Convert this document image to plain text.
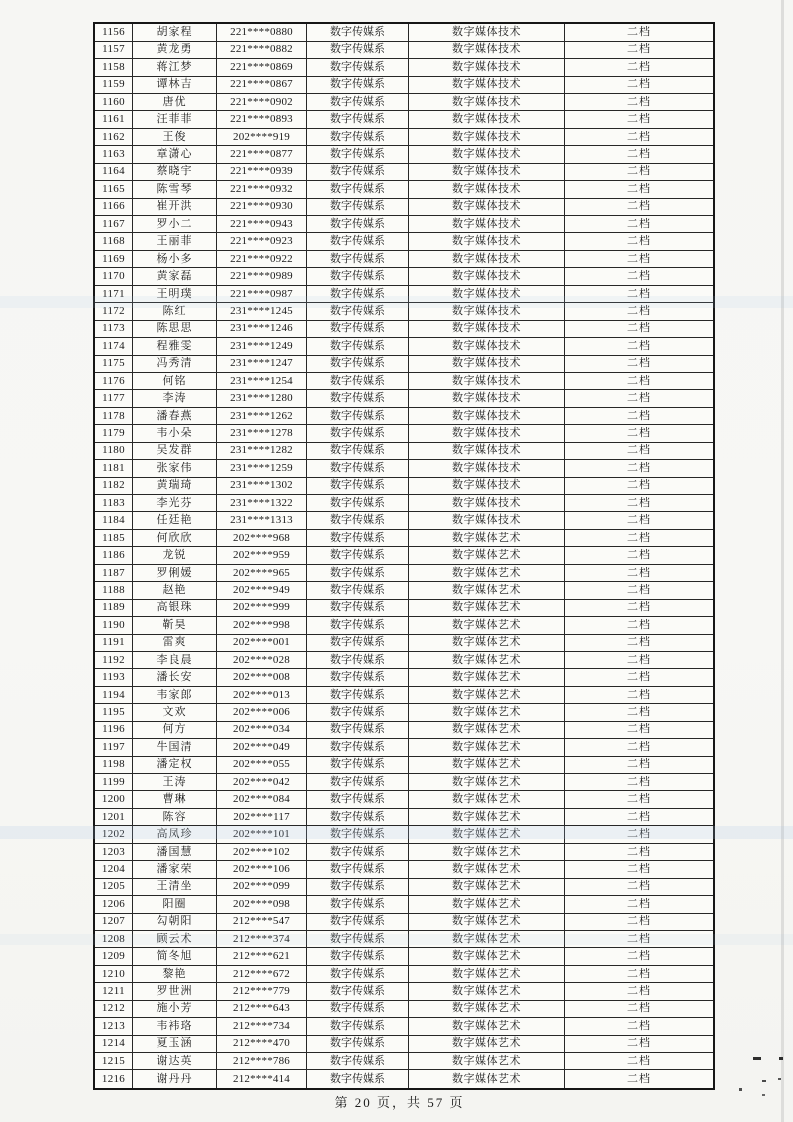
1156	胡家程	221****0880	数字传媒系	数字媒体技术	二档
1157	黄龙勇	221****0882	数字传媒系	数字媒体技术	二档
1158	蒋江梦	221****0869	数字传媒系	数字媒体技术	二档
1159	谭林吉	221****0867	数字传媒系	数字媒体技术	二档
1160	唐优	221****0902	数字传媒系	数字媒体技术	二档
1161	汪菲菲	221****0893	数字传媒系	数字媒体技术	二档
1162	王俊	202****919	数字传媒系	数字媒体技术	二档
1163	章潇心	221****0877	数字传媒系	数字媒体技术	二档
1164	蔡晓宇	221****0939	数字传媒系	数字媒体技术	二档
1165	陈雪琴	221****0932	数字传媒系	数字媒体技术	二档
1166	崔开洪	221****0930	数字传媒系	数字媒体技术	二档
1167	罗小二	221****0943	数字传媒系	数字媒体技术	二档
1168	王丽菲	221****0923	数字传媒系	数字媒体技术	二档
1169	杨小多	221****0922	数字传媒系	数字媒体技术	二档
1170	黄家磊	221****0989	数字传媒系	数字媒体技术	二档
1171	王明璞	221****0987	数字传媒系	数字媒体技术	二档
1172	陈红	231****1245	数字传媒系	数字媒体技术	二档
1173	陈思思	231****1246	数字传媒系	数字媒体技术	二档
1174	程雅雯	231****1249	数字传媒系	数字媒体技术	二档
1175	冯秀清	231****1247	数字传媒系	数字媒体技术	二档
1176	何铭	231****1254	数字传媒系	数字媒体技术	二档
1177	李涛	231****1280	数字传媒系	数字媒体技术	二档
1178	潘春燕	231****1262	数字传媒系	数字媒体技术	二档
1179	韦小朵	231****1278	数字传媒系	数字媒体技术	二档
1180	吴发群	231****1282	数字传媒系	数字媒体技术	二档
1181	张家伟	231****1259	数字传媒系	数字媒体技术	二档
1182	黄瑞琦	231****1302	数字传媒系	数字媒体技术	二档
1183	李光芬	231****1322	数字传媒系	数字媒体技术	二档
1184	任廷艳	231****1313	数字传媒系	数字媒体技术	二档
1185	何欣欣	202****968	数字传媒系	数字媒体艺术	二档
1186	龙锐	202****959	数字传媒系	数字媒体艺术	二档
1187	罗俐媛	202****965	数字传媒系	数字媒体艺术	二档
1188	赵艳	202****949	数字传媒系	数字媒体艺术	二档
1189	高银珠	202****999	数字传媒系	数字媒体艺术	二档
1190	靳昊	202****998	数字传媒系	数字媒体艺术	二档
1191	雷爽	202****001	数字传媒系	数字媒体艺术	二档
1192	李良晨	202****028	数字传媒系	数字媒体艺术	二档
1193	潘长安	202****008	数字传媒系	数字媒体艺术	二档
1194	韦家郎	202****013	数字传媒系	数字媒体艺术	二档
1195	文欢	202****006	数字传媒系	数字媒体艺术	二档
1196	何方	202****034	数字传媒系	数字媒体艺术	二档
1197	牛国清	202****049	数字传媒系	数字媒体艺术	二档
1198	潘定权	202****055	数字传媒系	数字媒体艺术	二档
1199	王涛	202****042	数字传媒系	数字媒体艺术	二档
1200	曹琳	202****084	数字传媒系	数字媒体艺术	二档
1201	陈容	202****117	数字传媒系	数字媒体艺术	二档
1202	高凤珍	202****101	数字传媒系	数字媒体艺术	二档
1203	潘国慧	202****102	数字传媒系	数字媒体艺术	二档
1204	潘家荣	202****106	数字传媒系	数字媒体艺术	二档
1205	王清坐	202****099	数字传媒系	数字媒体艺术	二档
1206	阳圈	202****098	数字传媒系	数字媒体艺术	二档
1207	勾朝阳	212****547	数字传媒系	数字媒体艺术	二档
1208	顾云术	212****374	数字传媒系	数字媒体艺术	二档
1209	简冬旭	212****621	数字传媒系	数字媒体艺术	二档
1210	黎艳	212****672	数字传媒系	数字媒体艺术	二档
1211	罗世洲	212****779	数字传媒系	数字媒体艺术	二档
1212	施小芳	212****643	数字传媒系	数字媒体艺术	二档
1213	韦袆珞	212****734	数字传媒系	数字媒体艺术	二档
1214	夏玉涵	212****470	数字传媒系	数字媒体艺术	二档
1215	谢达英	212****786	数字传媒系	数字媒体艺术	二档
1216	谢丹丹	212****414	数字传媒系	数字媒体艺术	二档
第 20 页，共 57 页
